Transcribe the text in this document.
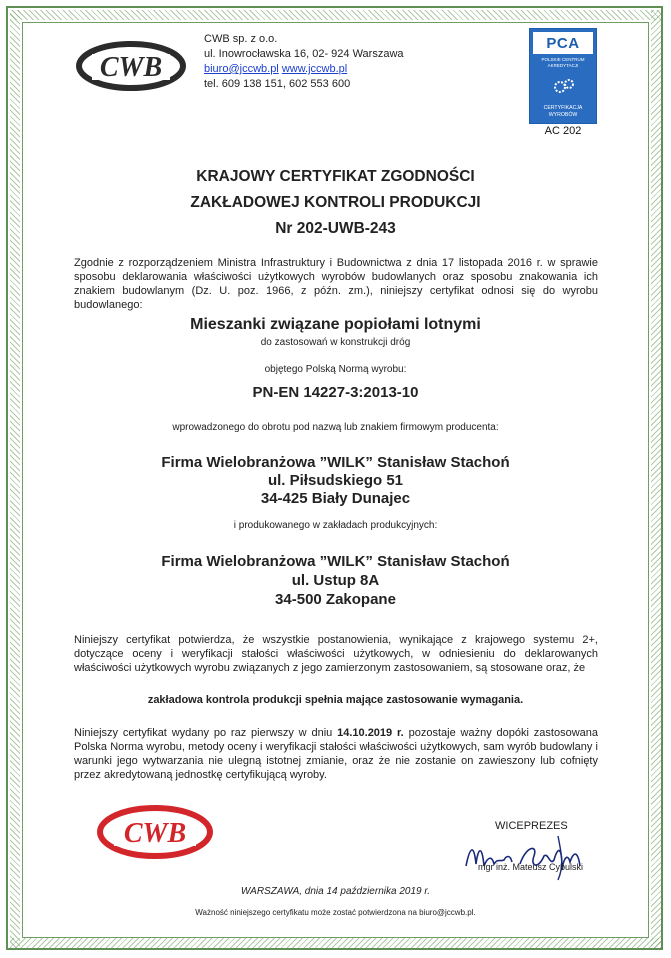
CWB
CWB sp. z o.o.
ul. Inowrocławska 16, 02- 924 Warszawa
biuro@jccwb.pl www.jccwb.pl
tel. 609 138 151, 602 553 600
PCA
POLSKIE CENTRUM AKREDYTACJI
CERTYFIKACJA WYROBÓW
AC 202
KRAJOWY CERTYFIKAT ZGODNOŚCI
ZAKŁADOWEJ KONTROLI PRODUKCJI
Nr 202-UWB-243
Zgodnie z rozporządzeniem Ministra Infrastruktury i Budownictwa z dnia 17 listopada 2016 r. w sprawie sposobu deklarowania właściwości użytkowych wyrobów budowlanych oraz sposobu znakowania ich znakiem budowlanym (Dz. U. poz. 1966, z późn. zm.), niniejszy certyfikat odnosi się do wyrobu budowlanego:
Mieszanki związane popiołami lotnymi
do zastosowań w konstrukcji dróg
objętego Polską Normą wyrobu:
PN-EN 14227-3:2013-10
wprowadzonego do obrotu pod nazwą lub znakiem firmowym producenta:
Firma Wielobranżowa ”WILK” Stanisław Stachoń
ul. Piłsudskiego 51
34-425 Biały Dunajec
i produkowanego w zakładach produkcyjnych:
Firma Wielobranżowa ”WILK” Stanisław Stachoń
ul. Ustup 8A
34-500 Zakopane
Niniejszy certyfikat potwierdza, że wszystkie postanowienia, wynikające z krajowego systemu 2+, dotyczące oceny i weryfikacji stałości właściwości użytkowych, w odniesieniu do deklarowanych właściwości użytkowych wyrobu związanych z jego zamierzonym zastosowaniem, są stosowane oraz, że
zakładowa kontrola produkcji spełnia mające zastosowanie wymagania.
Niniejszy certyfikat wydany po raz pierwszy w dniu 14.10.2019 r. pozostaje ważny dopóki zastosowana Polska Norma wyrobu, metody oceny i weryfikacji stałości właściwości użytkowych, sam wyrób budowlany i warunki jego wytwarzania nie ulegną istotnej zmianie, oraz że nie zostanie on zawieszony lub cofnięty przez akredytowaną jednostkę certyfikującą wyroby.
CWB	WICEPREZES
mgr inż. Mateusz Cybulski
WARSZAWA, dnia 14 października 2019 r.
Ważność niniejszego certyfikatu może zostać potwierdzona na biuro@jccwb.pl.
